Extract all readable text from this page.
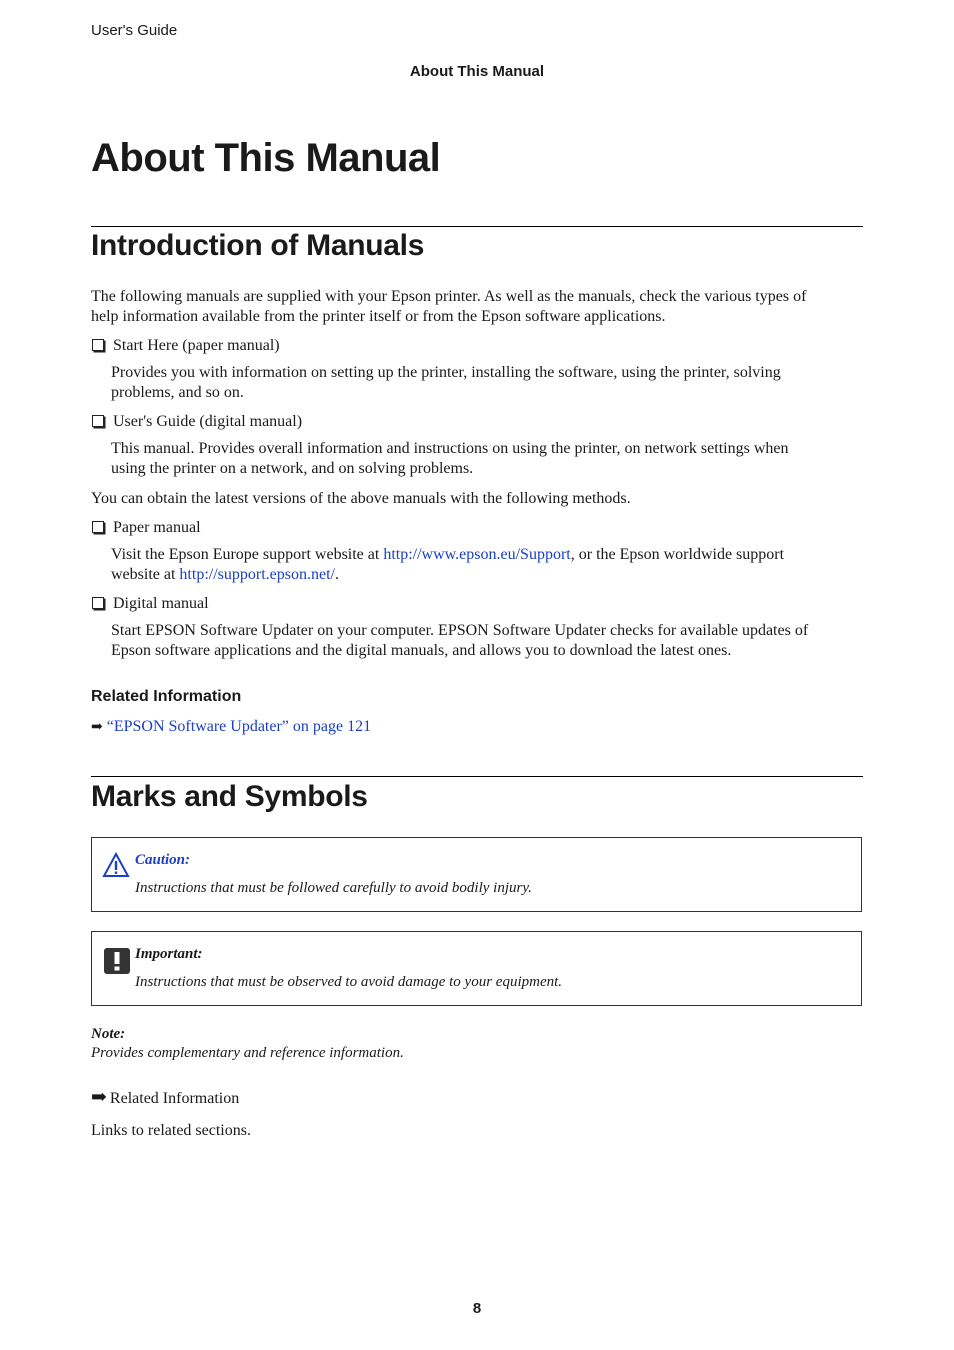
User's Guide
About This Manual
About This Manual
Introduction of Manuals
The following manuals are supplied with your Epson printer. As well as the manuals, check the various types of
help information available from the printer itself or from the Epson software applications.
Start Here (paper manual)
Provides you with information on setting up the printer, installing the software, using the printer, solving
problems, and so on.
User's Guide (digital manual)
This manual. Provides overall information and instructions on using the printer, on network settings when
using the printer on a network, and on solving problems.
You can obtain the latest versions of the above manuals with the following methods.
Paper manual
Visit the Epson Europe support website at http://www.epson.eu/Support, or the Epson worldwide support
website at http://support.epson.net/.
Digital manual
Start EPSON Software Updater on your computer. EPSON Software Updater checks for available updates of
Epson software applications and the digital manuals, and allows you to download the latest ones.
Related Information
➡ “EPSON Software Updater” on page 121
Marks and Symbols
Caution:
Instructions that must be followed carefully to avoid bodily injury.
Important:
Instructions that must be observed to avoid damage to your equipment.
Note:
Provides complementary and reference information.
➡ Related Information
Links to related sections.
8
